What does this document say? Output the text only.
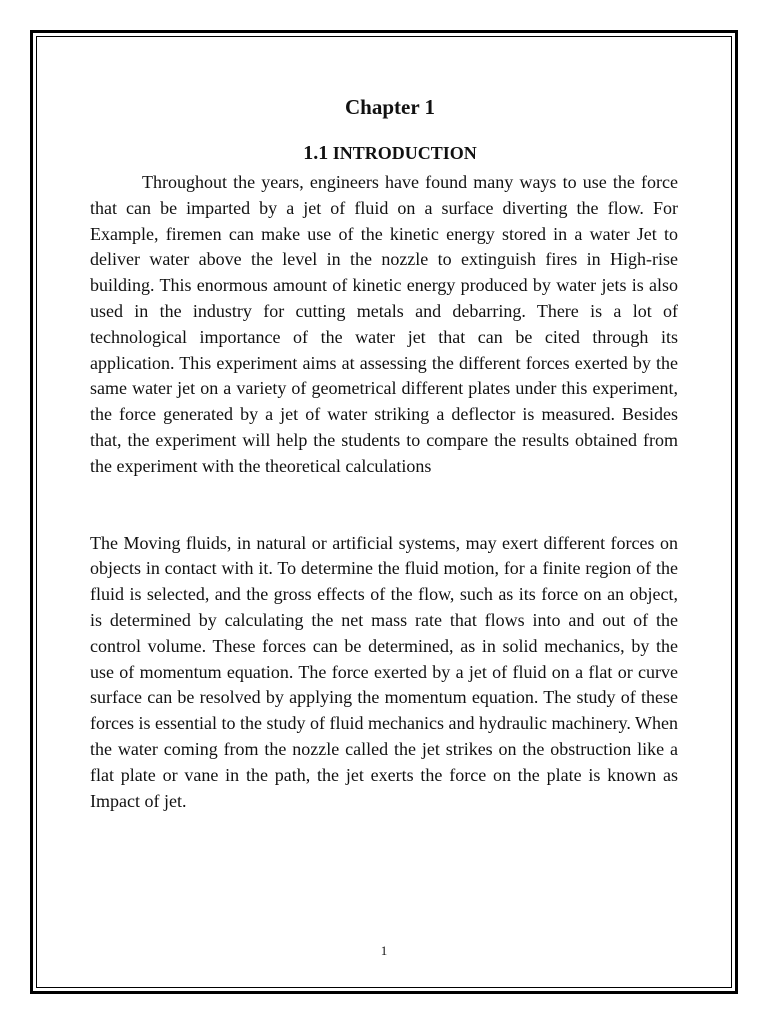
Chapter 1
1.1 INTRODUCTION

Throughout the years, engineers have found many ways to use the force that can be imparted by a jet of fluid on a surface diverting the flow. For Example, firemen can make use of the kinetic energy stored in a water Jet to deliver water above the level in the nozzle to extinguish fires in High-rise building. This enormous amount of kinetic energy produced by water jets is also used in the industry for cutting metals and debarring. There is a lot of technological importance of the water jet that can be cited through its application. This experiment aims at assessing the different forces exerted by the same water jet on a variety of geometrical different plates under this experiment, the force generated by a jet of water striking a deflector is measured. Besides that, the experiment will help the students to compare the results obtained from the experiment with the theoretical calculations

The Moving fluids, in natural or artificial systems, may exert different forces on objects in contact with it. To determine the fluid motion, for a finite region of the fluid is selected, and the gross effects of the flow, such as its force on an object, is determined by calculating the net mass rate that flows into and out of the control volume. These forces can be determined, as in solid mechanics, by the use of momentum equation. The force exerted by a jet of fluid on a flat or curve surface can be resolved by applying the momentum equation. The study of these forces is essential to the study of fluid mechanics and hydraulic machinery. When the water coming from the nozzle called the jet strikes on the obstruction like a flat plate or vane in the path, the jet exerts the force on the plate is known as Impact of jet.

1
